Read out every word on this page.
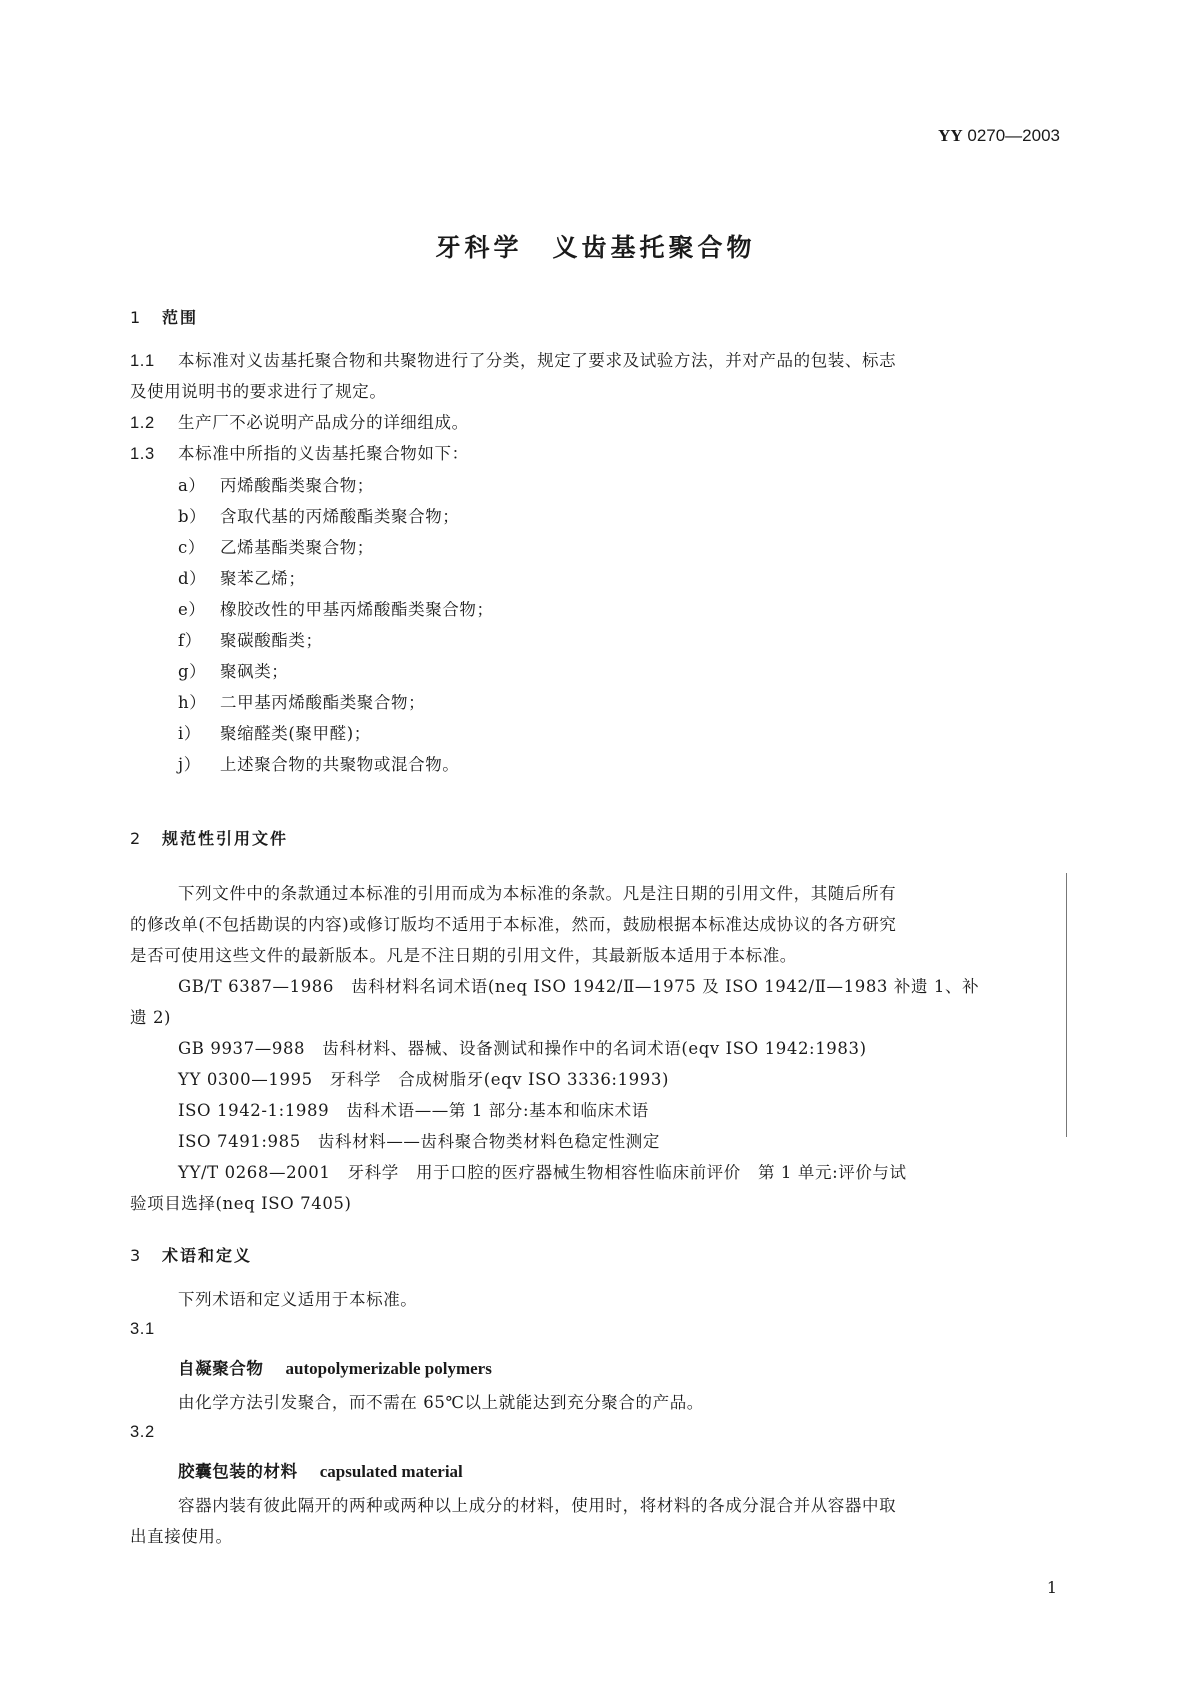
YY 0270—2003
牙科学 义齿基托聚合物
1 范围
1.1 本标准对义齿基托聚合物和共聚物进行了分类，规定了要求及试验方法，并对产品的包装、标志
及使用说明书的要求进行了规定。
1.2 生产厂不必说明产品成分的详细组成。
1.3 本标准中所指的义齿基托聚合物如下：
a） 丙烯酸酯类聚合物；
b） 含取代基的丙烯酸酯类聚合物；
c） 乙烯基酯类聚合物；
d） 聚苯乙烯；
e） 橡胶改性的甲基丙烯酸酯类聚合物；
f） 聚碳酸酯类；
g） 聚砜类；
h） 二甲基丙烯酸酯类聚合物；
i） 聚缩醛类(聚甲醛)；
j） 上述聚合物的共聚物或混合物。
2 规范性引用文件
下列文件中的条款通过本标准的引用而成为本标准的条款。凡是注日期的引用文件，其随后所有
的修改单(不包括勘误的内容)或修订版均不适用于本标准，然而，鼓励根据本标准达成协议的各方研究
是否可使用这些文件的最新版本。凡是不注日期的引用文件，其最新版本适用于本标准。
GB/T 6387—1986　齿科材料名词术语(neq ISO 1942/Ⅱ—1975 及 ISO 1942/Ⅱ—1983 补遗 1、补
遗 2)
GB 9937—988　齿科材料、器械、设备测试和操作中的名词术语(eqv ISO 1942:1983)
YY 0300—1995　牙科学　合成树脂牙(eqv ISO 3336:1993)
ISO 1942-1:1989　齿科术语——第 1 部分:基本和临床术语
ISO 7491:985　齿科材料——齿科聚合物类材料色稳定性测定
YY/T 0268—2001　牙科学　用于口腔的医疗器械生物相容性临床前评价　第 1 单元:评价与试
验项目选择(neq ISO 7405)
3 术语和定义
下列术语和定义适用于本标准。
3.1
自凝聚合物 autopolymerizable polymers
由化学方法引发聚合，而不需在 65℃以上就能达到充分聚合的产品。
3.2
胶囊包装的材料 capsulated material
容器内装有彼此隔开的两种或两种以上成分的材料，使用时，将材料的各成分混合并从容器中取
出直接使用。
1
